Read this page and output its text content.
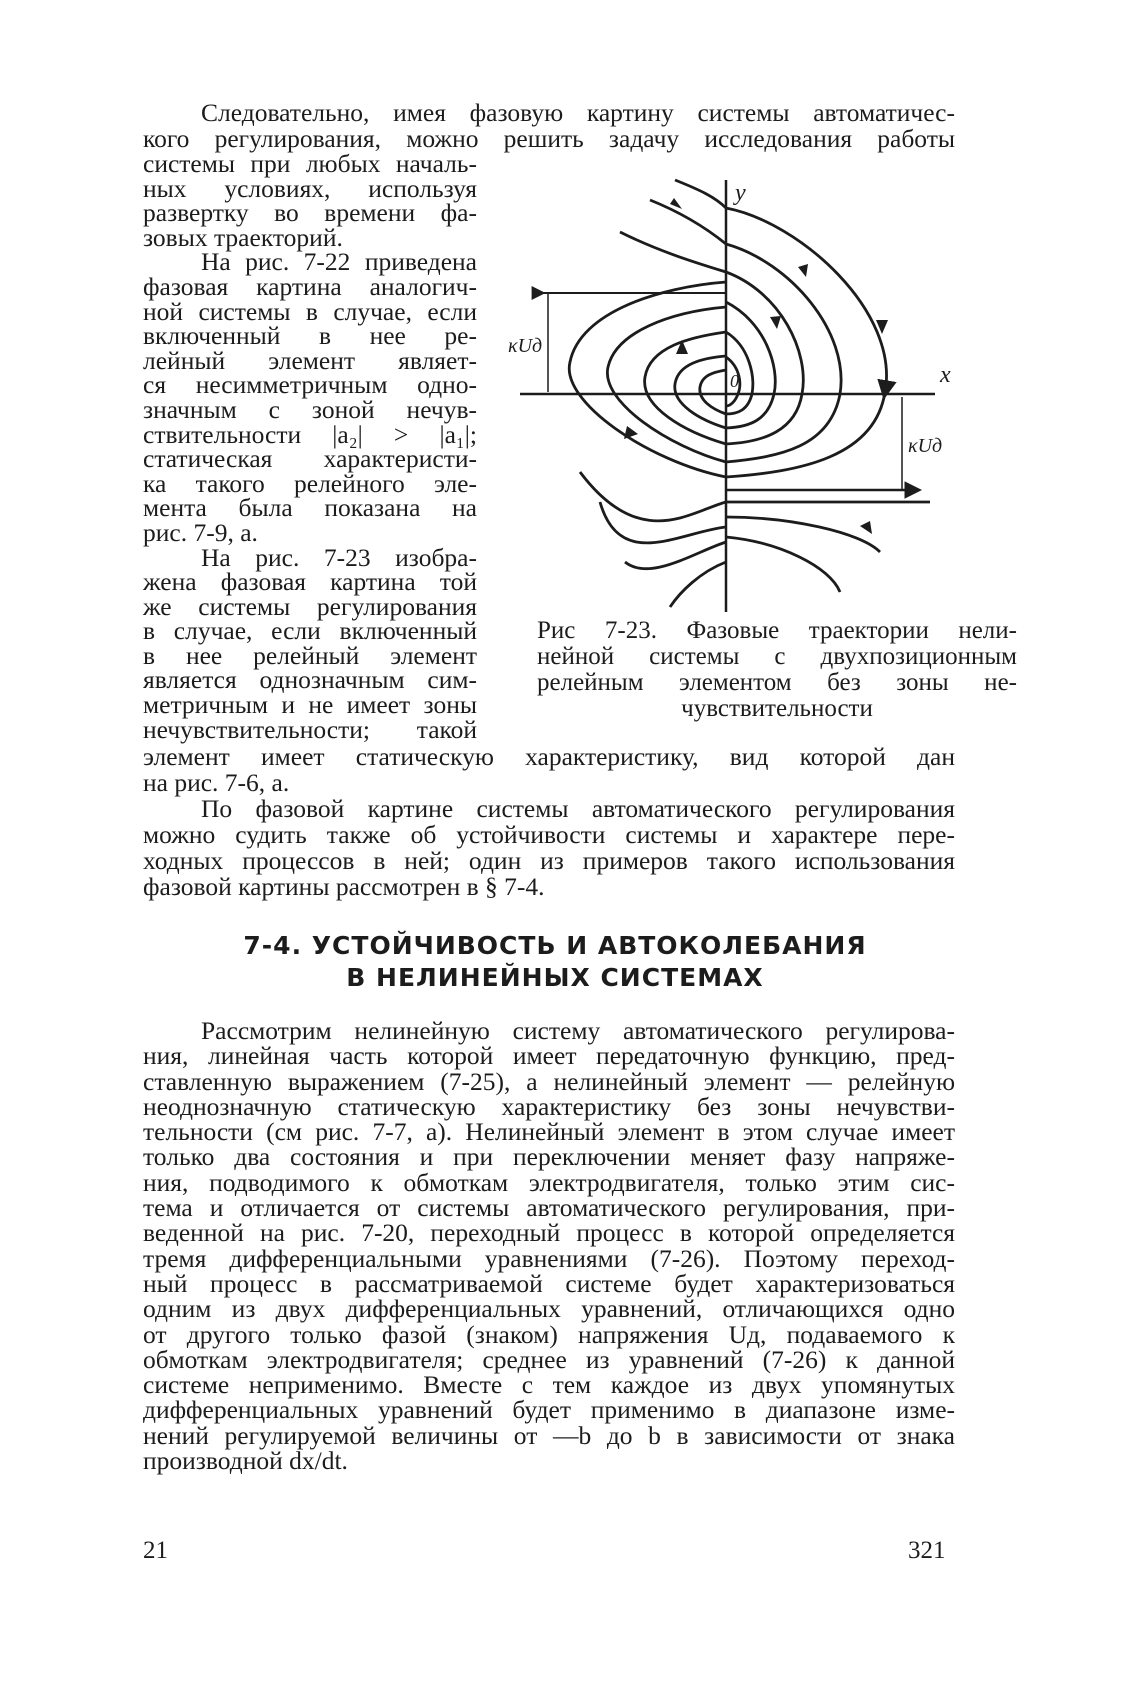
Следовательно, имея фазовую картину системы автоматичес-
кого регулирования, можно решить задачу исследования работы
системы при любых началь-
ных условиях, используя
развертку во времени фа-
зовых траекторий.
На рис. 7-22 приведена
фазовая картина аналогич-
ной системы в случае, если
включенный в нее ре-
лейный элемент являет-
ся несимметричным одно-
значным с зоной нечув-
ствительности |a₂| > |a₁|;
статическая характеристи-
ка такого релейного эле-
мента была показана на
рис. 7-9, а.
На рис. 7-23 изобра-
жена фазовая картина той
же системы регулирования
в случае, если включенный
в нее релейный элемент
является однозначным сим-
метричным и не имеет зоны
нечувствительности; такой
y
x
0
κUд
κUд
Рис 7-23. Фазовые траектории нели-
нейной системы с двухпозиционным
релейным элементом без зоны не-
чувствительности
элемент имеет статическую характеристику, вид которой дан
на рис. 7-6, а.
По фазовой картине системы автоматического регулирования
можно судить также об устойчивости системы и характере пере-
ходных процессов в ней; один из примеров такого использования
фазовой картины рассмотрен в § 7-4.
7-4. УСТОЙЧИВОСТЬ И АВТОКОЛЕБАНИЯ
В НЕЛИНЕЙНЫХ СИСТЕМАХ
Рассмотрим нелинейную систему автоматического регулирова-
ния, линейная часть которой имеет передаточную функцию, пред-
ставленную выражением (7-25), а нелинейный элемент — релейную
неоднозначную статическую характеристику без зоны нечувстви-
тельности (см рис. 7-7, а). Нелинейный элемент в этом случае имеет
только два состояния и при переключении меняет фазу напряже-
ния, подводимого к обмоткам электродвигателя, только этим сис-
тема и отличается от системы автоматического регулирования, при-
веденной на рис. 7-20, переходный процесс в которой определяется
тремя дифференциальными уравнениями (7-26). Поэтому переход-
ный процесс в рассматриваемой системе будет характеризоваться
одним из двух дифференциальных уравнений, отличающихся одно
от другого только фазой (знаком) напряжения Uд, подаваемого к
обмоткам электродвигателя; среднее из уравнений (7-26) к данной
системе неприменимо. Вместе с тем каждое из двух упомянутых
дифференциальных уравнений будет применимо в диапазоне изме-
нений регулируемой величины от —b до b в зависимости от знака
производной dx/dt.
21	321
